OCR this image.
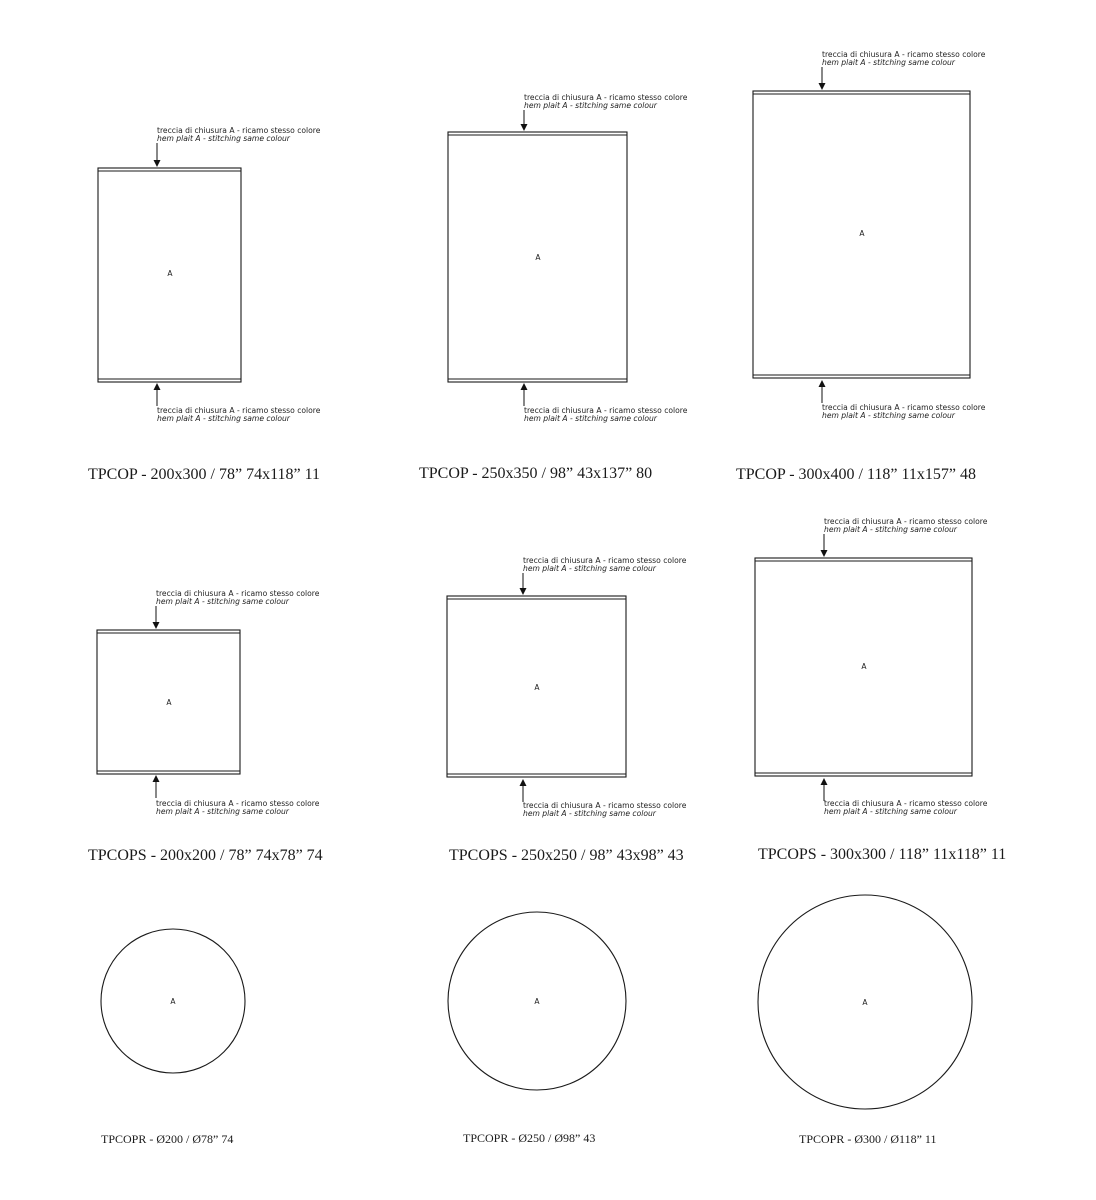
A
treccia di chiusura A - ricamo stesso colore
hem plait A - stitching same colour
treccia di chiusura A - ricamo stesso colore
hem plait A - stitching same colour
TPCOP - 200x300 / 78” 74x118” 11
A
treccia di chiusura A - ricamo stesso colore
hem plait A - stitching same colour
treccia di chiusura A - ricamo stesso colore
hem plait A - stitching same colour
TPCOP - 250x350 / 98” 43x137” 80
A
treccia di chiusura A - ricamo stesso colore
hem plait A - stitching same colour
treccia di chiusura A - ricamo stesso colore
hem plait A - stitching same colour
TPCOP - 300x400 / 118” 11x157” 48
A
treccia di chiusura A - ricamo stesso colore
hem plait A - stitching same colour
treccia di chiusura A - ricamo stesso colore
hem plait A - stitching same colour
TPCOPS - 200x200 / 78” 74x78” 74
A
treccia di chiusura A - ricamo stesso colore
hem plait A - stitching same colour
treccia di chiusura A - ricamo stesso colore
hem plait A - stitching same colour
TPCOPS - 250x250 / 98” 43x98” 43
A
treccia di chiusura A - ricamo stesso colore
hem plait A - stitching same colour
treccia di chiusura A - ricamo stesso colore
hem plait A - stitching same colour
TPCOPS - 300x300 / 118” 11x118” 11
A
TPCOPR - Ø200 / Ø78” 74
A
TPCOPR - Ø250 / Ø98” 43
A
TPCOPR - Ø300 / Ø118” 11
